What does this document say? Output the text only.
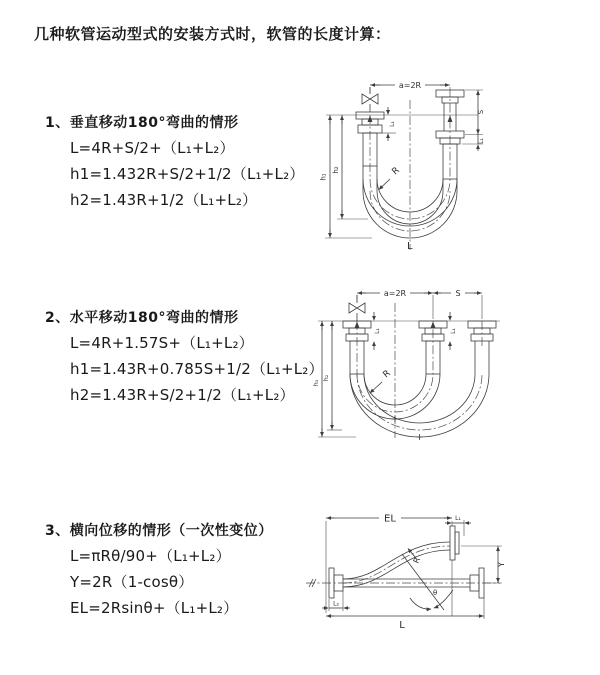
几种软管运动型式的安装方式时，软管的长度计算：
1、垂直移动180°弯曲的情形
L=4R+S/2+（L₁+L₂）
h1=1.432R+S/2+1/2（L₁+L₂）
h2=1.43R+1/2（L₁+L₂）
2、水平移动180°弯曲的情形
L=4R+1.57S+（L₁+L₂）
h1=1.43R+0.785S+1/2（L₁+L₂）
h2=1.43R+S/2+1/2（L₁+L₂）
3、横向位移的情形（一次性变位）
L=πRθ/90+（L₁+L₂）
Y=2R（1-cosθ）
EL=2Rsinθ+（L₁+L₂）
a=2R
h₁
h₂
L₁
S
L₁
R
L
a=2R	S
h₁
h₂
L₁	L₁
R
EL	L₁
Y
L
L₂
θ
R
